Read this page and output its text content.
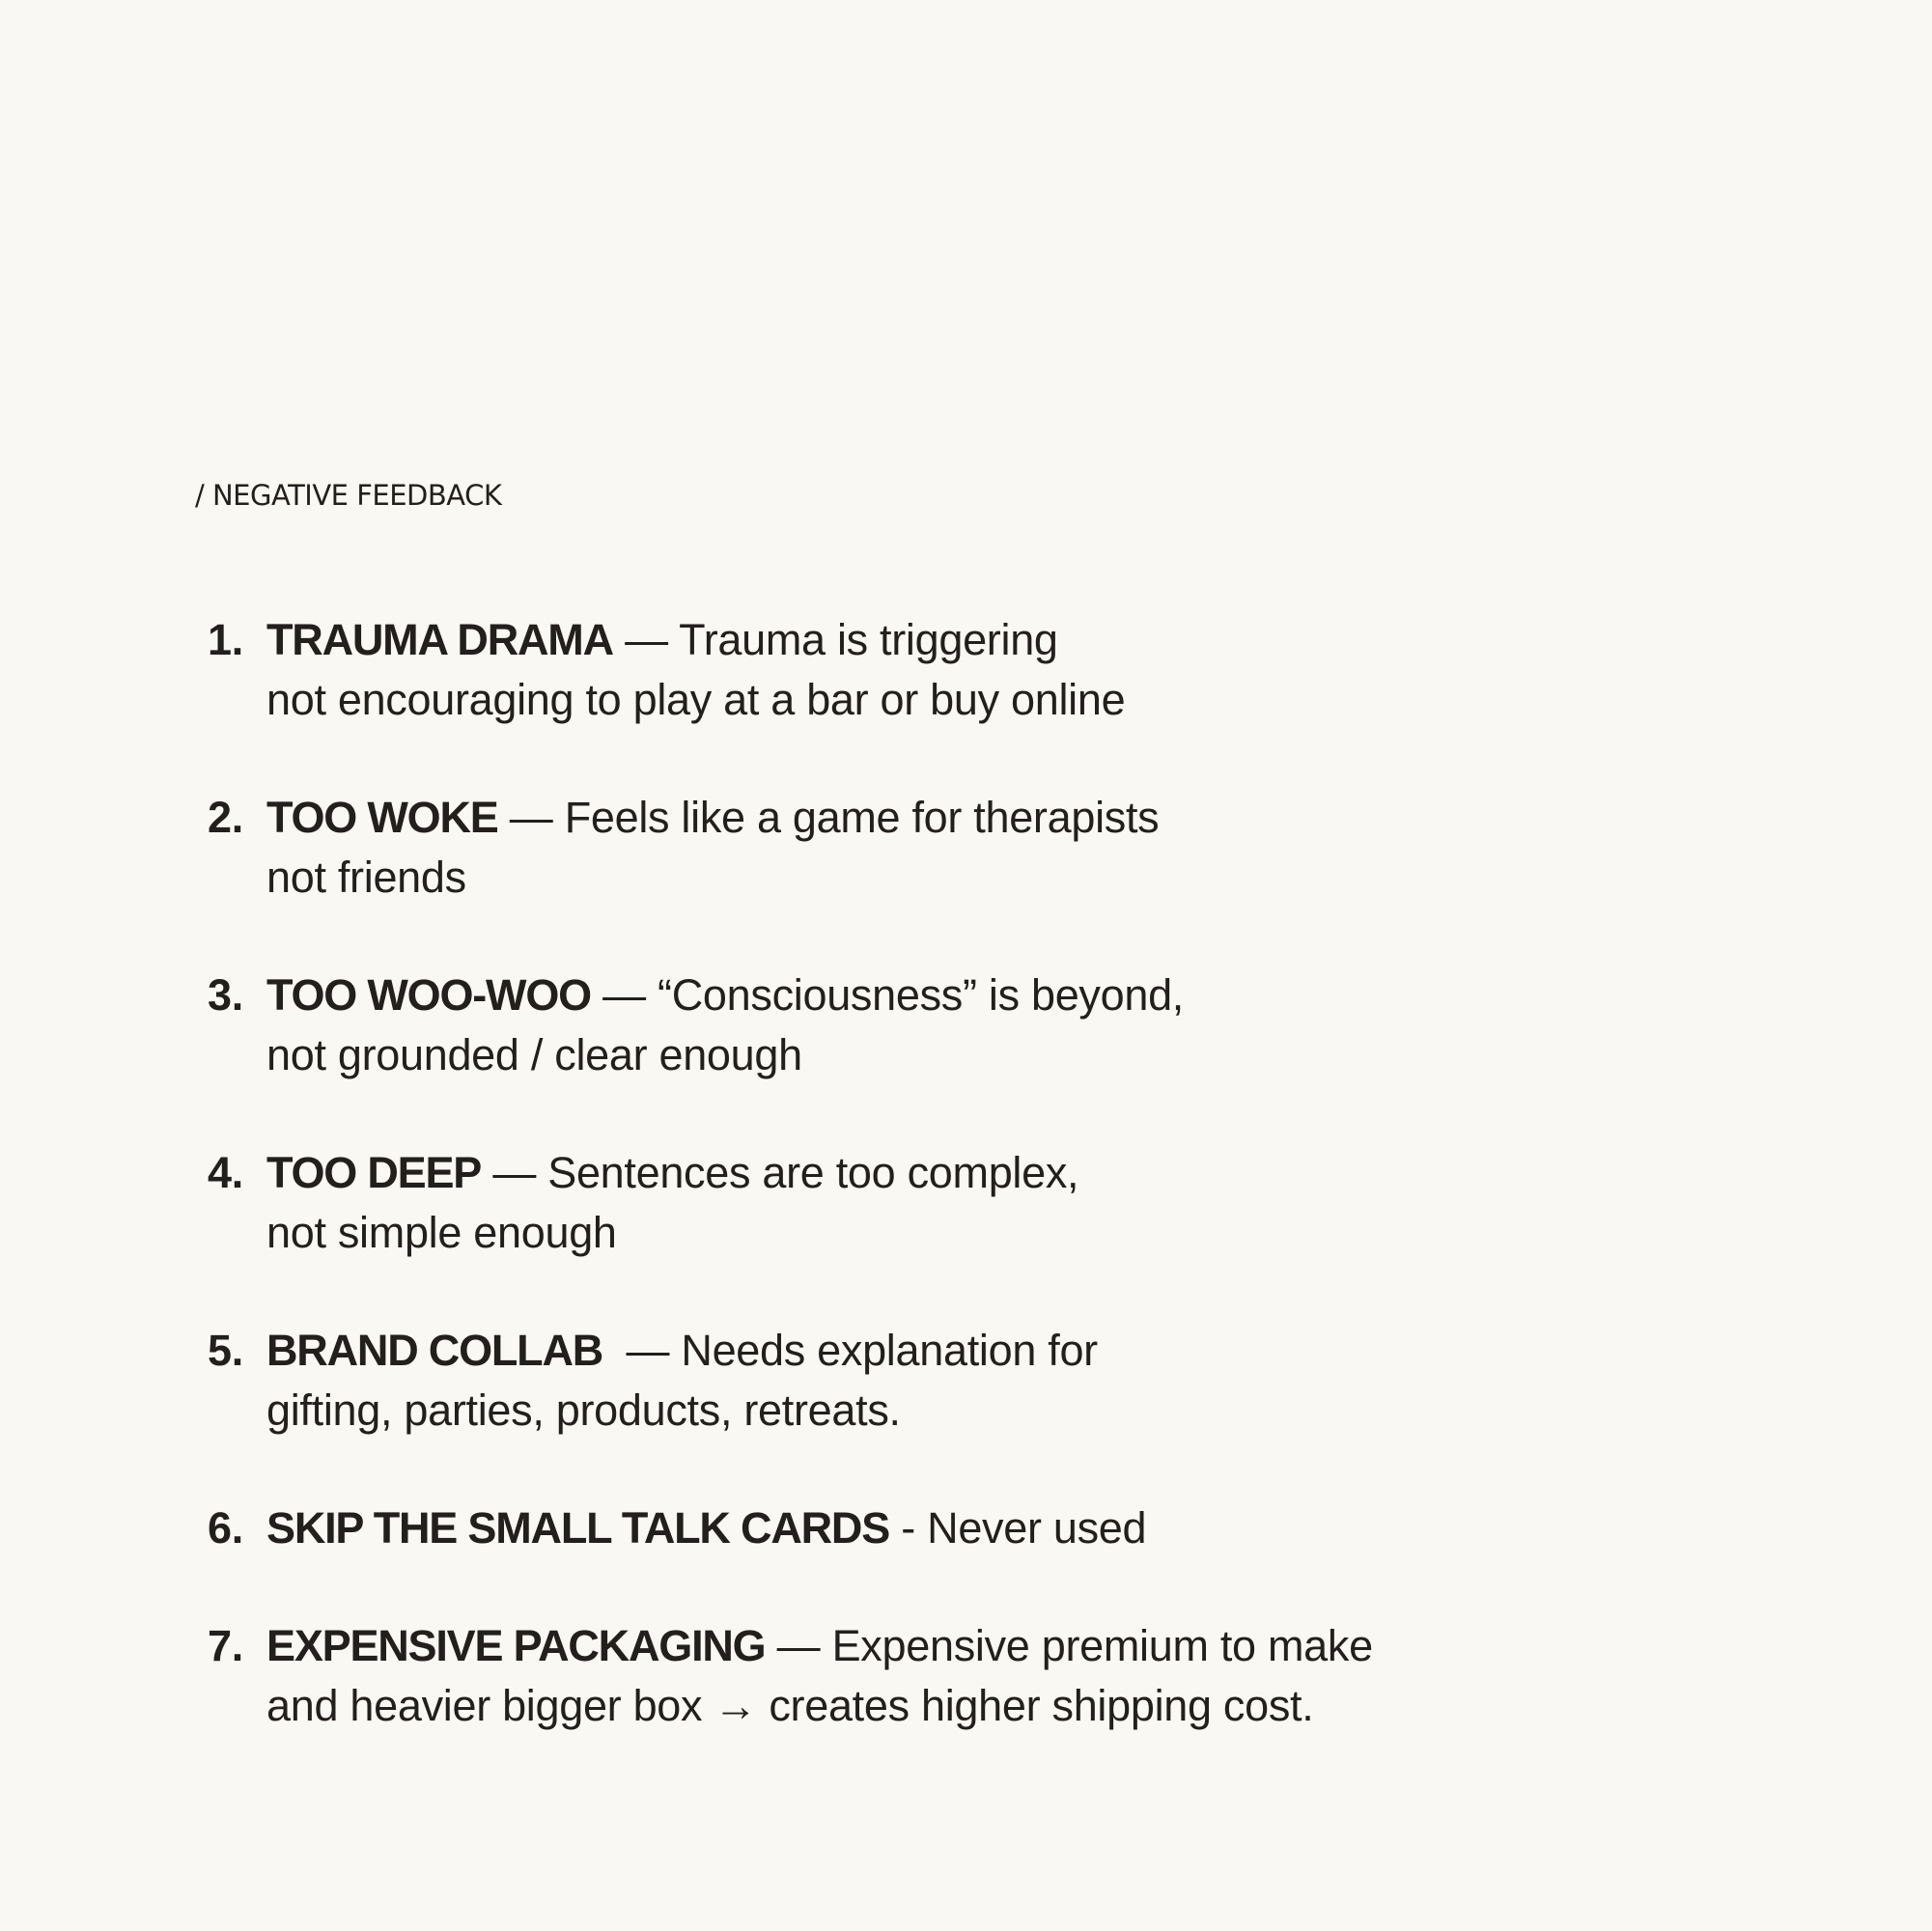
/ NEGATIVE FEEDBACK
1. TRAUMA DRAMA — Trauma is triggering
not encouraging to play at a bar or buy online
2. TOO WOKE — Feels like a game for therapists
not friends
3. TOO WOO-WOO — “Consciousness” is beyond,
not grounded / clear enough
4. TOO DEEP — Sentences are too complex,
not simple enough
5. BRAND COLLAB  — Needs explanation for
gifting, parties, products, retreats.
6. SKIP THE SMALL TALK CARDS - Never used
7. EXPENSIVE PACKAGING — Expensive premium to make
and heavier bigger box → creates higher shipping cost.
